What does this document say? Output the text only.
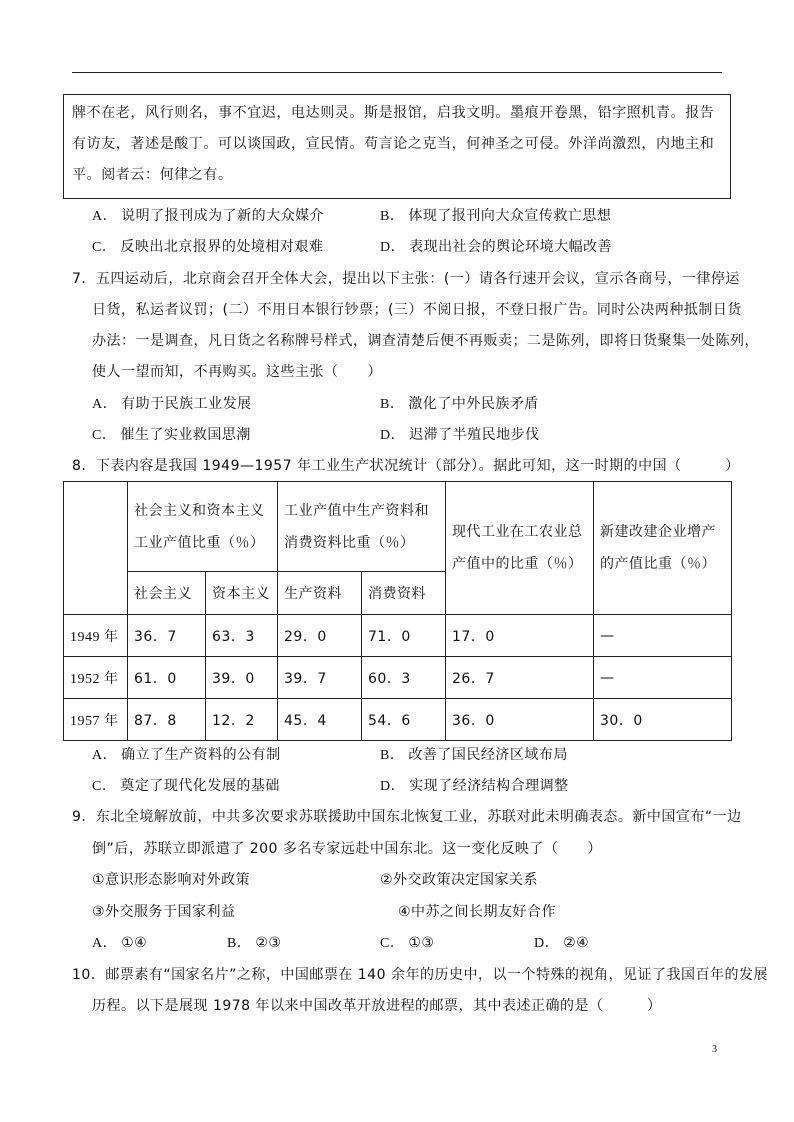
牌不在老，风行则名，事不宜迟，电达则灵。斯是报馆，启我文明。墨痕开卷黑，铅字照机青。报告有访友，著述是酸丁。可以谈国政，宣民情。苟言论之克当，何神圣之可侵。外洋尚激烈，内地主和平。阅者云：何律之有。

A． 说明了报刊成为了新的大众媒介	B． 体现了报刊向大众宣传救亡思想
C． 反映出北京报界的处境相对艰难	D． 表现出社会的舆论环境大幅改善
7．五四运动后，北京商会召开全体大会，提出以下主张：(一）请各行速开会议，宣示各商号，一律停运
日货，私运者议罚；(二）不用日本银行钞票；(三）不阅日报，不登日报广告。同时公决两种抵制日货
办法：一是调查，凡日货之名称牌号样式，调查清楚后便不再贩卖；二是陈列，即将日货聚集一处陈列，
使人一望而知，不再购买。这些主张（　　）
A． 有助于民族工业发展	B． 激化了中外民族矛盾
C． 催生了实业救国思潮	D． 迟滞了半殖民地步伐
8．下表内容是我国 1949—1957 年工业生产状况统计（部分）。据此可知，这一时期的中国（　　　）
	社会主义和资本主义工业产值比重（％）		工业产值中生产资料和消费资料比重（％）		现代工业在工农业总产值中的比重（％）	新建改建企业增产的产值比重（％）
	社会主义	资本主义	生产资料	消费资料		
1949 年	36．7	63．3	29．0	71．0	17．0	—
1952 年	61．0	39．0	39．7	60．3	26．7	—
1957 年	87．8	12．2	45．4	54．6	36．0	30．0
A． 确立了生产资料的公有制	B． 改善了国民经济区域布局
C． 奠定了现代化发展的基础	D． 实现了经济结构合理调整
9．东北全境解放前，中共多次要求苏联援助中国东北恢复工业，苏联对此未明确表态。新中国宣布“一边
倒”后，苏联立即派遣了 200 多名专家远赴中国东北。这一变化反映了（　　）
①意识形态影响对外政策	②外交政策决定国家关系
③外交服务于国家利益	④中苏之间长期友好合作
A． ①④	B． ②③	C． ①③	D． ②④
10．邮票素有“国家名片”之称，中国邮票在 140 余年的历史中，以一个特殊的视角，见证了我国百年的发展
历程。以下是展现 1978 年以来中国改革开放进程的邮票，其中表述正确的是（　　　）
3
